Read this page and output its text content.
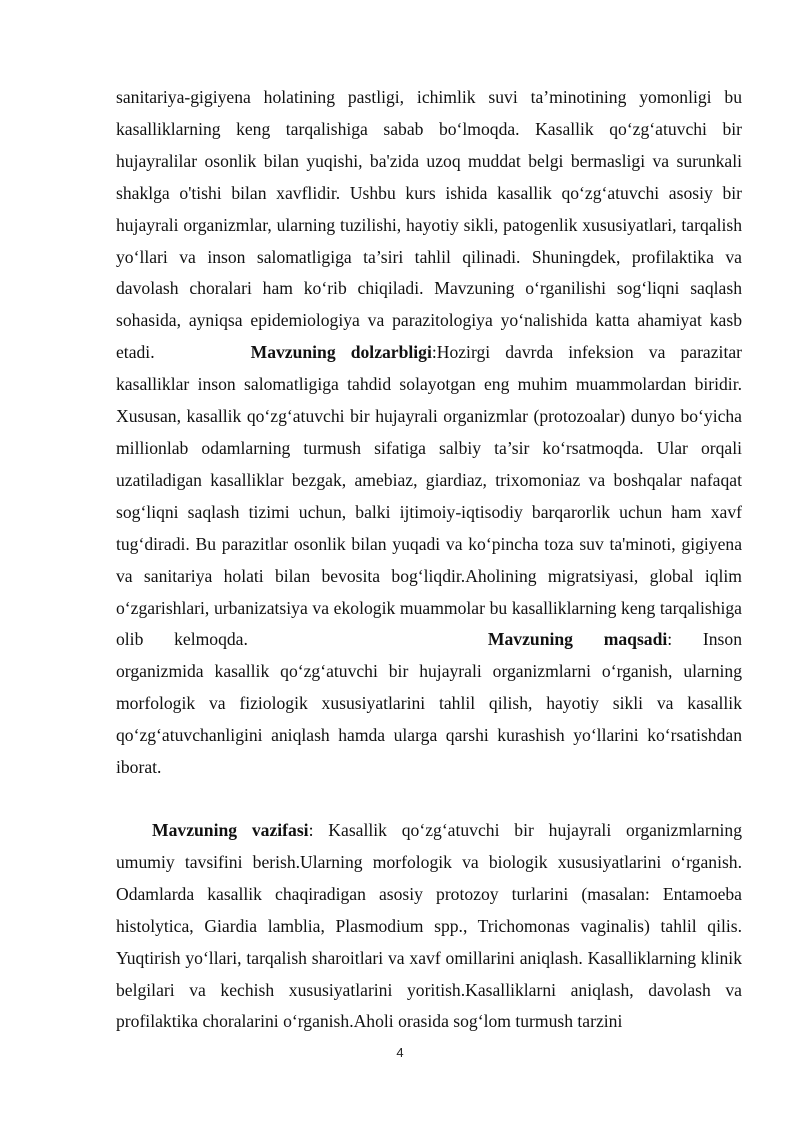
sanitariya-gigiyena holatining pastligi, ichimlik suvi ta’minotining yomonligi bu kasalliklarning keng tarqalishiga sabab bo‘lmoqda. Kasallik qo‘zg‘atuvchi bir hujayralilar osonlik bilan yuqishi, ba'zida uzoq muddat belgi bermasligi va surunkali shaklga o'tishi bilan xavflidir. Ushbu kurs ishida kasallik qo‘zg‘atuvchi asosiy bir hujayrali organizmlar, ularning tuzilishi, hayotiy sikli, patogenlik xususiyatlari, tarqalish yo‘llari va inson salomatligiga ta’siri tahlil qilinadi. Shuningdek, profilaktika va davolash choralari ham ko‘rib chiqiladi. Mavzuning o‘rganilishi sog‘liqni saqlash sohasida, ayniqsa epidemiologiya va parazitologiya yo‘nalishida katta ahamiyat kasb etadi.	Mavzuning dolzarbligi:Hozirgi davrda infeksion va parazitar kasalliklar inson salomatligiga tahdid solayotgan eng muhim muammolardan biridir. Xususan, kasallik qo‘zg‘atuvchi bir hujayrali organizmlar (protozoalar) dunyo bo‘yicha millionlab odamlarning turmush sifatiga salbiy ta’sir ko‘rsatmoqda. Ular orqali uzatiladigan kasalliklar bezgak, amebiaz, giardiaz, trixomoniaz va boshqalar nafaqat sog‘liqni saqlash tizimi uchun, balki ijtimoiy-iqtisodiy barqarorlik uchun ham xavf tug‘diradi. Bu parazitlar osonlik bilan yuqadi va ko‘pincha toza suv ta'minoti, gigiyena va sanitariya holati bilan bevosita bog‘liqdir.Aholining migratsiyasi, global iqlim o‘zgarishlari, urbanizatsiya va ekologik muammolar bu kasalliklarning keng tarqalishiga olib kelmoqda.	Mavzuning maqsadi: Inson organizmida kasallik qo‘zg‘atuvchi bir hujayrali organizmlarni o‘rganish, ularning morfologik va fiziologik xususiyatlarini tahlil qilish, hayotiy sikli va kasallik qo‘zg‘atuvchanligini aniqlash hamda ularga qarshi kurashish yo‘llarini ko‘rsatishdan iborat.

Mavzuning vazifasi: Kasallik qo‘zg‘atuvchi bir hujayrali organizmlarning umumiy tavsifini berish.Ularning morfologik va biologik xususiyatlarini o‘rganish. Odamlarda kasallik chaqiradigan asosiy protozoy turlarini (masalan: Entamoeba histolytica, Giardia lamblia, Plasmodium spp., Trichomonas vaginalis) tahlil qilis. Yuqtirish yo‘llari, tarqalish sharoitlari va xavf omillarini aniqlash. Kasalliklarning klinik belgilari va kechish xususiyatlarini yoritish.Kasalliklarni aniqlash, davolash va profilaktika choralarini o‘rganish.Aholi orasida sog‘lom turmush tarzini

4
